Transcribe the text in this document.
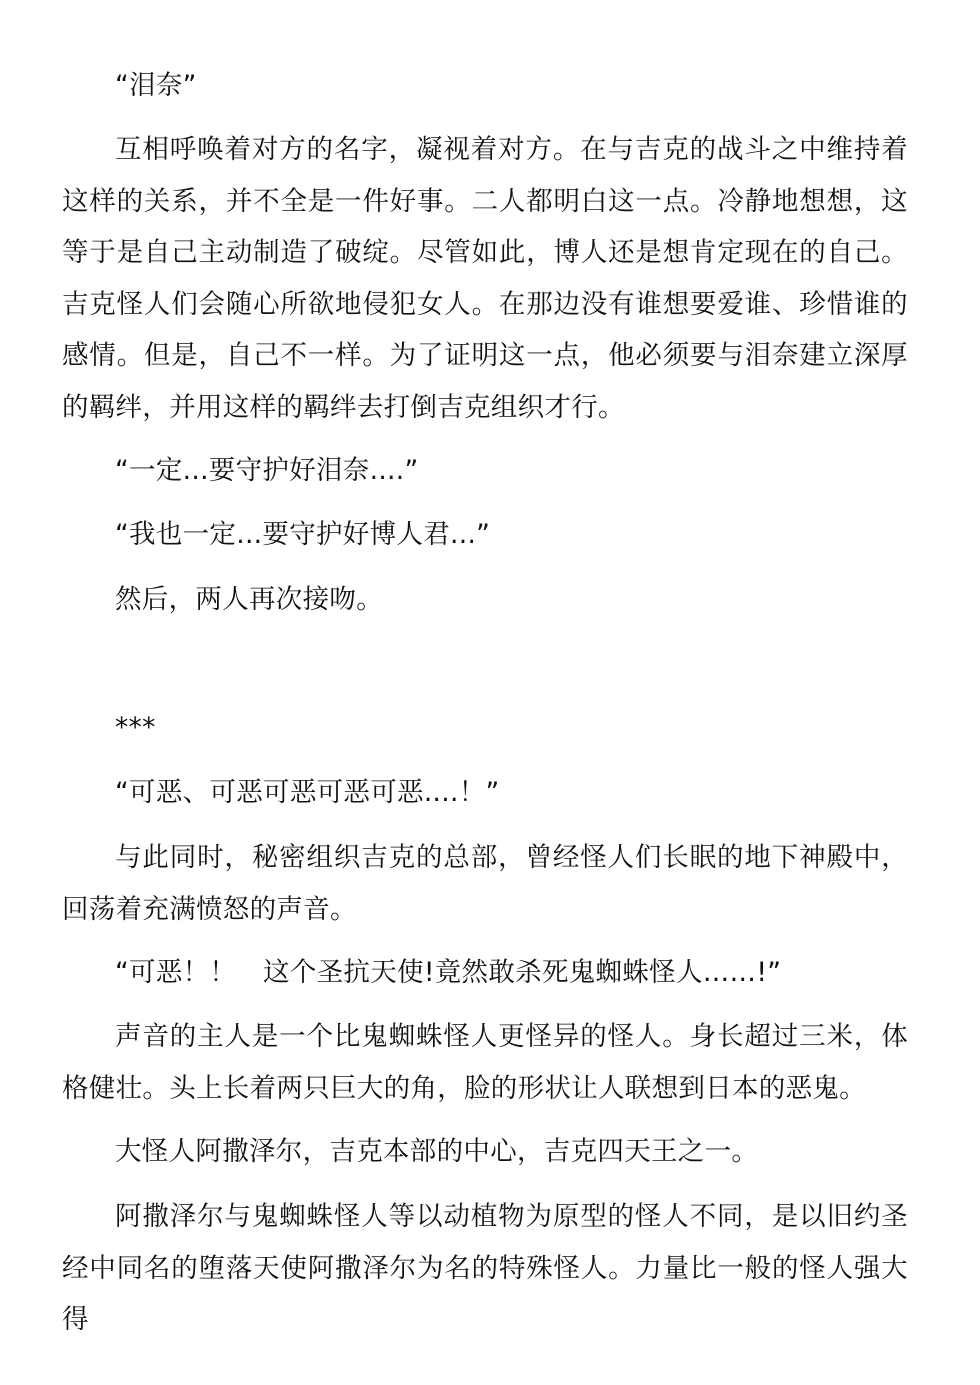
“泪奈”

互相呼唤着对方的名字，凝视着对方。在与吉克的战斗之中维持着这样的关系，并不全是一件好事。二人都明白这一点。冷静地想想，这等于是自己主动制造了破绽。尽管如此，博人还是想肯定现在的自己。吉克怪人们会随心所欲地侵犯女人。在那边没有谁想要爱谁、珍惜谁的感情。但是，自己不一样。为了证明这一点，他必须要与泪奈建立深厚的羁绊，并用这样的羁绊去打倒吉克组织才行。

“一定...要守护好泪奈....”

“我也一定...要守护好博人君...”

然后，两人再次接吻。

***

“可恶、可恶可恶可恶可恶....！”

与此同时，秘密组织吉克的总部，曾经怪人们长眠的地下神殿中，回荡着充满愤怒的声音。

“可恶！！　这个圣抗天使!竟然敢杀死鬼蜘蛛怪人……!”

声音的主人是一个比鬼蜘蛛怪人更怪异的怪人。身长超过三米，体格健壮。头上长着两只巨大的角，脸的形状让人联想到日本的恶鬼。

大怪人阿撒泽尔，吉克本部的中心，吉克四天王之一。

阿撒泽尔与鬼蜘蛛怪人等以动植物为原型的怪人不同，是以旧约圣经中同名的堕落天使阿撒泽尔为名的特殊怪人。力量比一般的怪人强大得
